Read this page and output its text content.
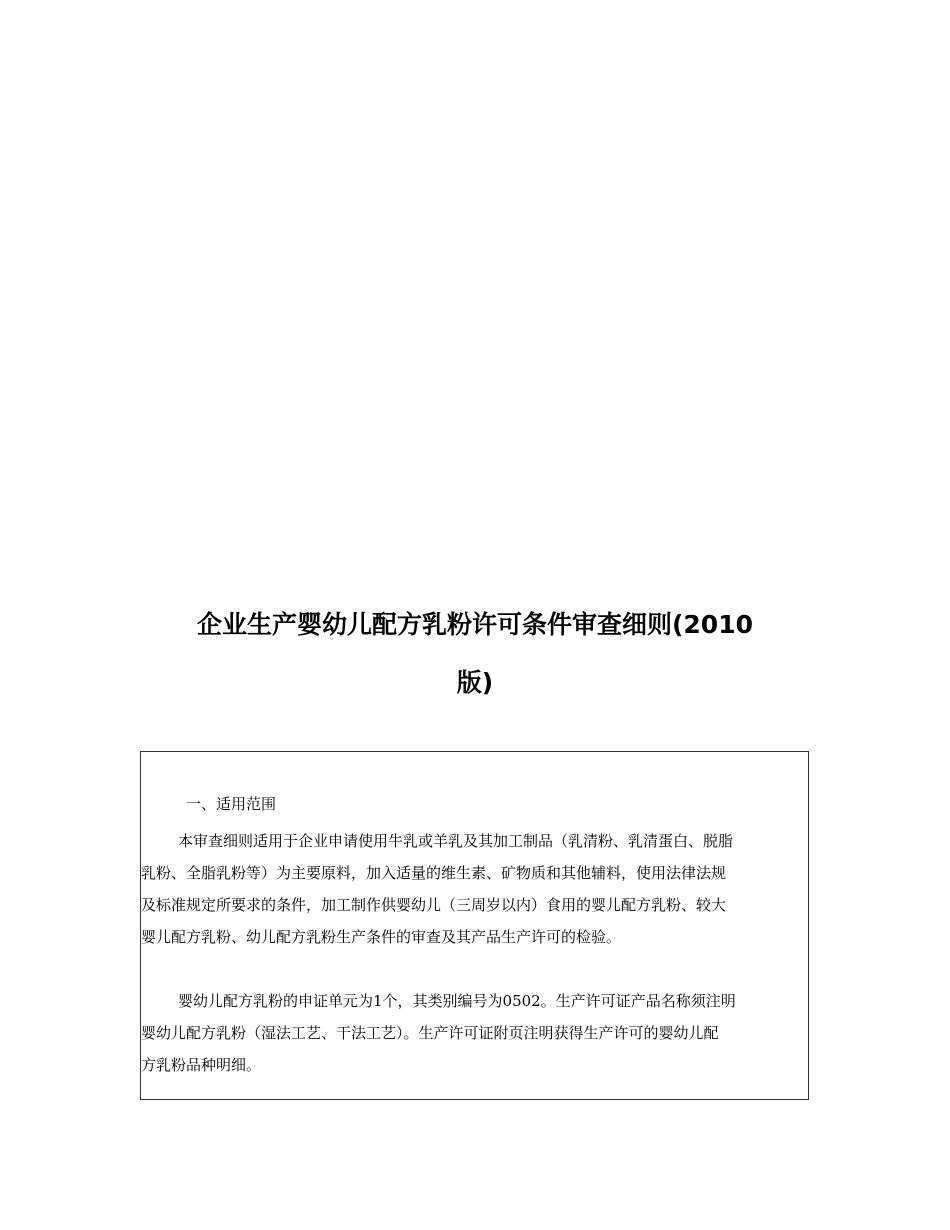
企业生产婴幼儿配方乳粉许可条件审查细则(2010
版)
一、适用范围
本审查细则适用于企业申请使用牛乳或羊乳及其加工制品（乳清粉、乳清蛋白、脱脂
乳粉、全脂乳粉等）为主要原料，加入适量的维生素、矿物质和其他辅料，使用法律法规
及标准规定所要求的条件，加工制作供婴幼儿（三周岁以内）食用的婴儿配方乳粉、较大
婴儿配方乳粉、幼儿配方乳粉生产条件的审查及其产品生产许可的检验。
婴幼儿配方乳粉的申证单元为1个，其类别编号为0502。生产许可证产品名称须注明
婴幼儿配方乳粉（湿法工艺、干法工艺）。生产许可证附页注明获得生产许可的婴幼儿配
方乳粉品种明细。
